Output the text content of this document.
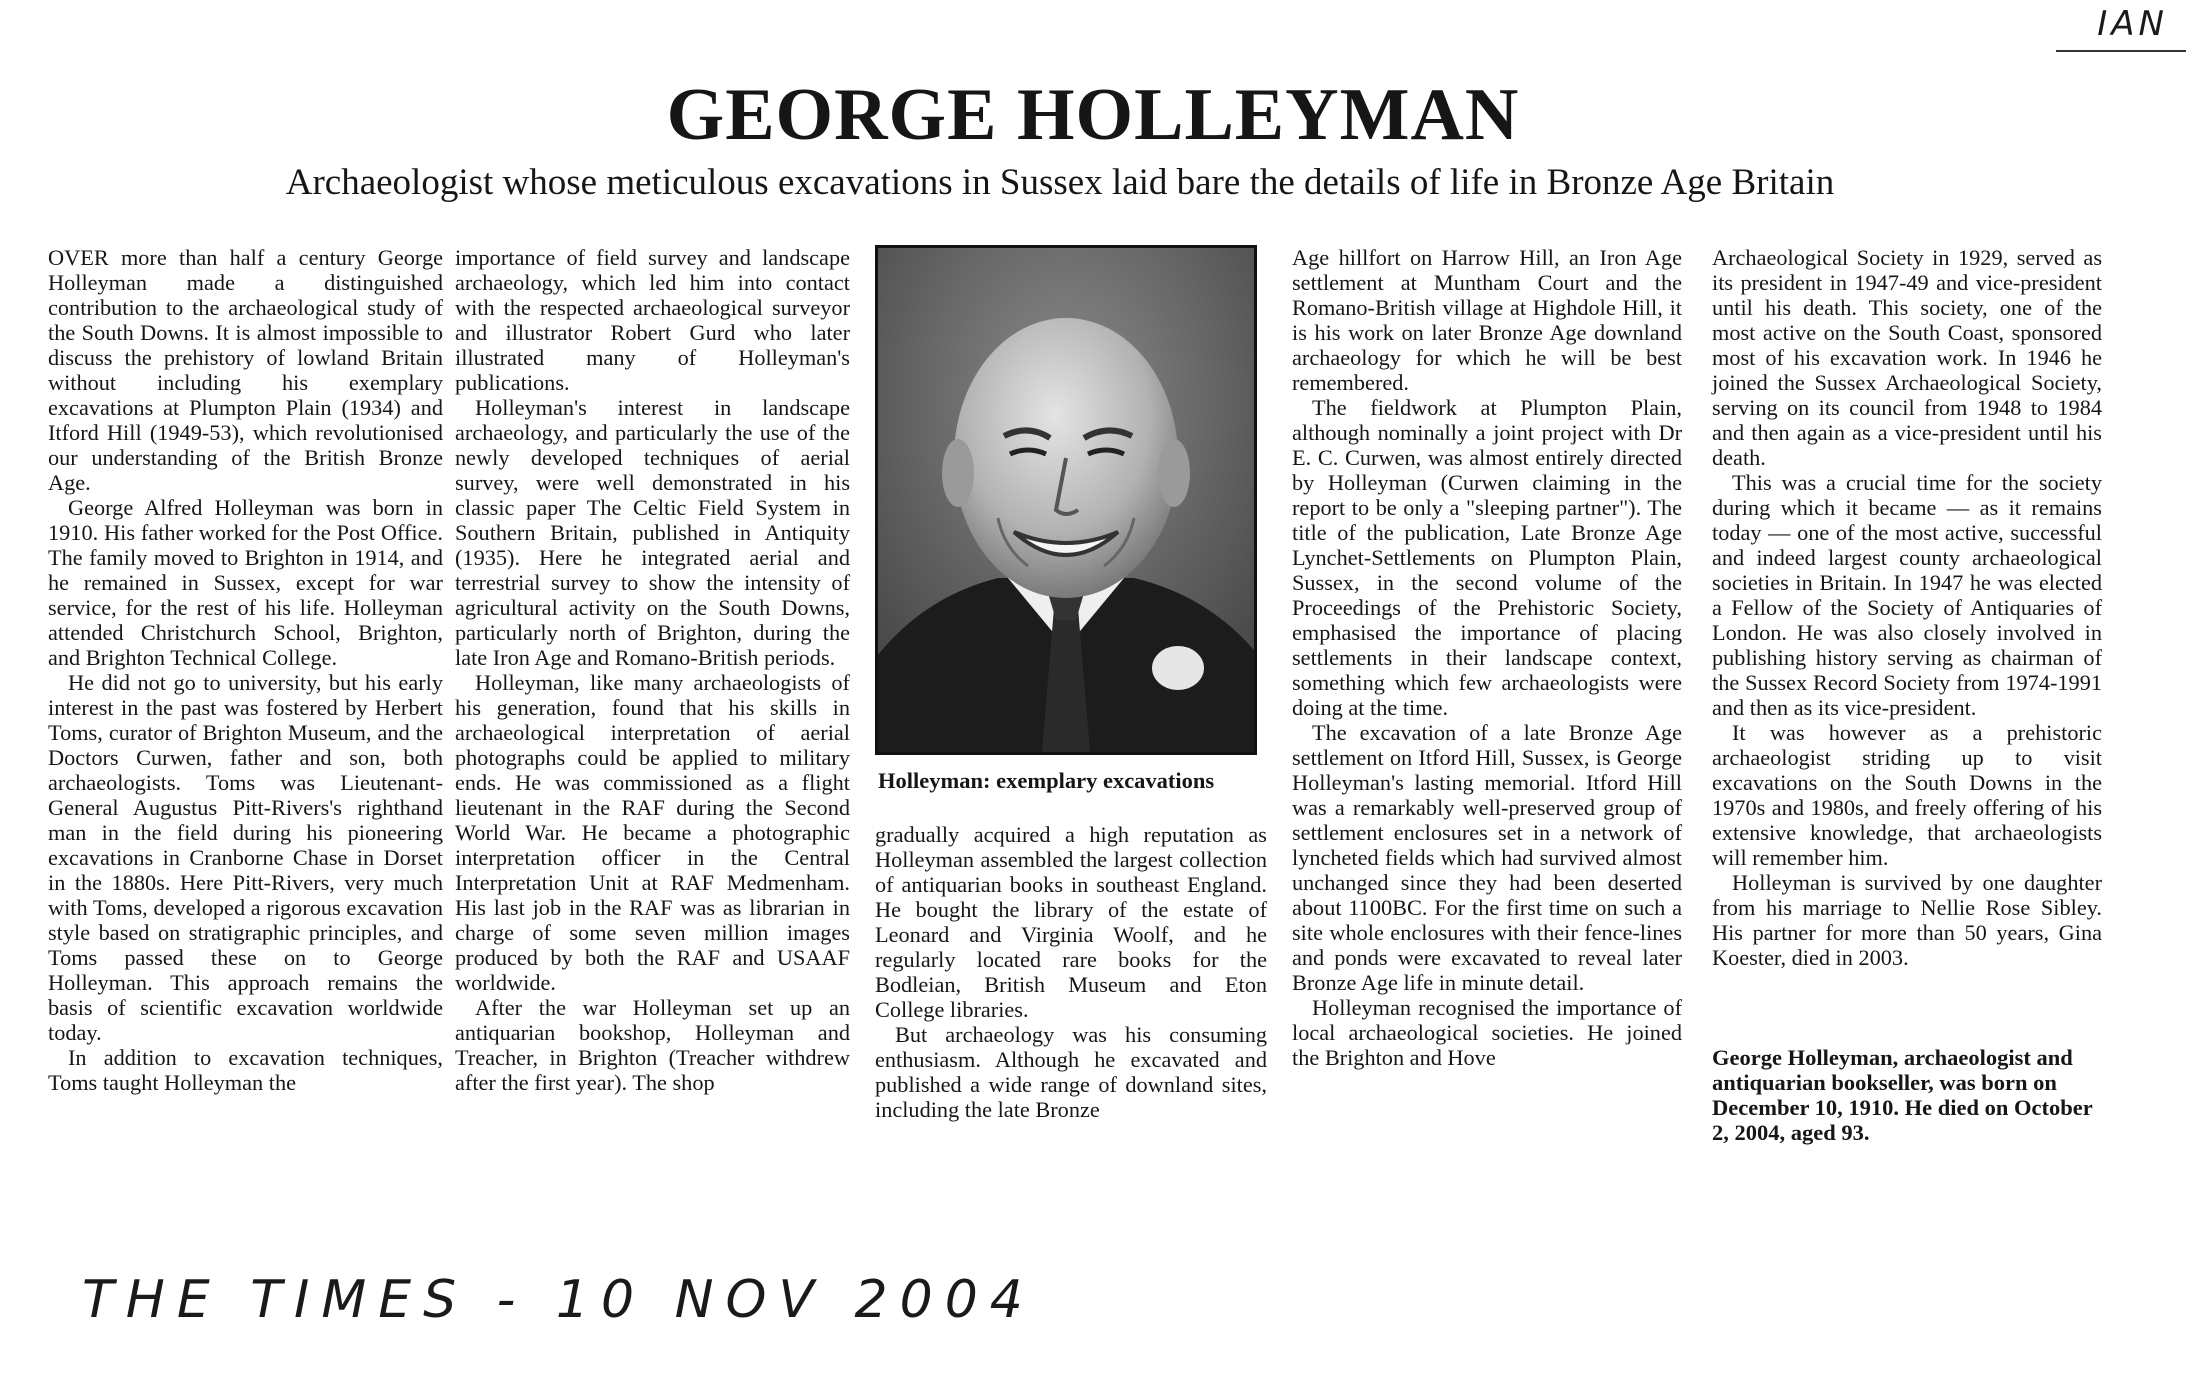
IAN
GEORGE HOLLEYMAN
Archaeologist whose meticulous excavations in Sussex laid bare the details of life in Bronze Age Britain

OVER more than half a century George Holleyman made a distinguished contribution to the archaeological study of the South Downs. It is almost impossible to discuss the prehistory of lowland Britain without including his exemplary excavations at Plumpton Plain (1934) and Itford Hill (1949-53), which revolutionised our understanding of the British Bronze Age.

George Alfred Holleyman was born in 1910. His father worked for the Post Office. The family moved to Brighton in 1914, and he remained in Sussex, except for war service, for the rest of his life. Holleyman attended Christchurch School, Brighton, and Brighton Technical College.

He did not go to university, but his early interest in the past was fostered by Herbert Toms, curator of Brighton Museum, and the Doctors Curwen, father and son, both archaeologists. Toms was Lieutenant-General Augustus Pitt-Rivers's righthand man in the field during his pioneering excavations in Cranborne Chase in Dorset in the 1880s. Here Pitt-Rivers, very much with Toms, developed a rigorous excavation style based on stratigraphic principles, and Toms passed these on to George Holleyman. This approach remains the basis of scientific excavation worldwide today.

In addition to excavation techniques, Toms taught Holleyman the

importance of field survey and landscape archaeology, which led him into contact with the respected archaeological surveyor and illustrator Robert Gurd who later illustrated many of Holleyman's publications.

Holleyman's interest in landscape archaeology, and particularly the use of the newly developed techniques of aerial survey, were well demonstrated in his classic paper The Celtic Field System in Southern Britain, published in Antiquity (1935). Here he integrated aerial and terrestrial survey to show the intensity of agricultural activity on the South Downs, particularly north of Brighton, during the late Iron Age and Romano-British periods.

Holleyman, like many archaeologists of his generation, found that his skills in archaeological interpretation of aerial photographs could be applied to military ends. He was commissioned as a flight lieutenant in the RAF during the Second World War. He became a photographic interpretation officer in the Central Interpretation Unit at RAF Medmenham. His last job in the RAF was as librarian in charge of some seven million images produced by both the RAF and USAAF worldwide.

After the war Holleyman set up an antiquarian bookshop, Holleyman and Treacher, in Brighton (Treacher withdrew after the first year). The shop

Holleyman: exemplary excavations

gradually acquired a high reputation as Holleyman assembled the largest collection of antiquarian books in southeast England. He bought the library of the estate of Leonard and Virginia Woolf, and he regularly located rare books for the Bodleian, British Museum and Eton College libraries.

But archaeology was his consuming enthusiasm. Although he excavated and published a wide range of downland sites, including the late Bronze

Age hillfort on Harrow Hill, an Iron Age settlement at Muntham Court and the Romano-British village at Highdole Hill, it is his work on later Bronze Age downland archaeology for which he will be best remembered.

The fieldwork at Plumpton Plain, although nominally a joint project with Dr E. C. Curwen, was almost entirely directed by Holleyman (Curwen claiming in the report to be only a "sleeping partner"). The title of the publication, Late Bronze Age Lynchet-Settlements on Plumpton Plain, Sussex, in the second volume of the Proceedings of the Prehistoric Society, emphasised the importance of placing settlements in their landscape context, something which few archaeologists were doing at the time.

The excavation of a late Bronze Age settlement on Itford Hill, Sussex, is George Holleyman's lasting memorial. Itford Hill was a remarkably well-preserved group of settlement enclosures set in a network of lyncheted fields which had survived almost unchanged since they had been deserted about 1100BC. For the first time on such a site whole enclosures with their fence-lines and ponds were excavated to reveal later Bronze Age life in minute detail.

Holleyman recognised the importance of local archaeological societies. He joined the Brighton and Hove

Archaeological Society in 1929, served as its president in 1947-49 and vice-president until his death. This society, one of the most active on the South Coast, sponsored most of his excavation work. In 1946 he joined the Sussex Archaeological Society, serving on its council from 1948 to 1984 and then again as a vice-president until his death.

This was a crucial time for the society during which it became — as it remains today — one of the most active, successful and indeed largest county archaeological societies in Britain. In 1947 he was elected a Fellow of the Society of Antiquaries of London. He was also closely involved in publishing history serving as chairman of the Sussex Record Society from 1974-1991 and then as its vice-president.

It was however as a prehistoric archaeologist striding up to visit excavations on the South Downs in the 1970s and 1980s, and freely offering of his extensive knowledge, that archaeologists will remember him.

Holleyman is survived by one daughter from his marriage to Nellie Rose Sibley. His partner for more than 50 years, Gina Koester, died in 2003.

George Holleyman, archaeologist and antiquarian bookseller, was born on December 10, 1910. He died on October 2, 2004, aged 93.
THE TIMES - 10 NOV 2004
